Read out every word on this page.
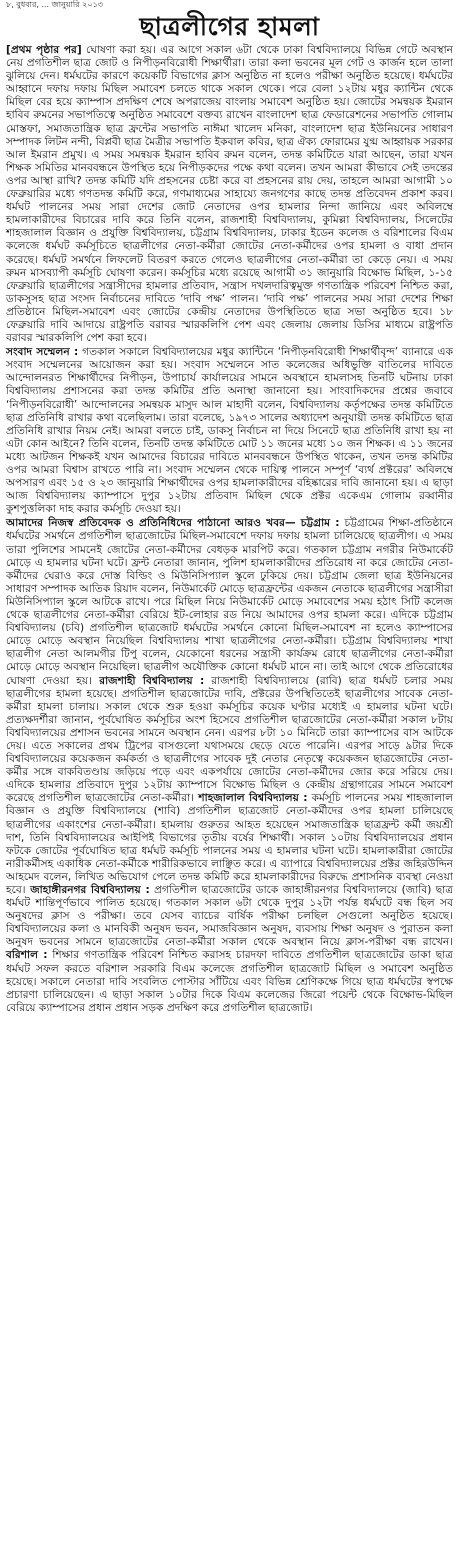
৮, বুধবার, ... জানুয়ারি ২০১৩
ছাত্রলীগের হামলা

[প্রথম পৃষ্ঠার পর] ঘোষণা করা হয়। এর আগে সকাল ৬টা থেকে ঢাকা বিশ্ববিদ্যালয়ে বিভিন্ন গেটে অবস্থান নেয় প্রগতিশীল ছাত্র জোট ও নিপীড়নবিরোধী শিক্ষার্থীরা। তারা কলা ভবনের মূল গেট ও কার্জন হলে তালা ঝুলিয়ে দেন। ধর্মঘটের কারণে কয়েকটি বিভাগের ক্লাস অনুষ্ঠিত না হলেও পরীক্ষা অনুষ্ঠিত হয়েছে। ধর্মঘটের আহ্বানে দফায় দফায় মিছিল সমাবেশ চলতে থাকে সকাল থেকে। পরে বেলা ১২টায় মধুর ক্যান্টিন থেকে মিছিল বের হয়ে ক্যাম্পাস প্রদক্ষিণ শেষে অপরাজেয় বাংলায় সমাবেশ অনুষ্ঠিত হয়। জোটের সমন্বয়ক ইমরান হাবিব রুমনের সভাপতিত্বে অনুষ্ঠিত সমাবেশে বক্তব্য রাখেন বাংলাদেশ ছাত্র ফেডারেশনের সভাপতি গোলাম মোস্তফা, সমাজতান্ত্রিক ছাত্র ফ্রন্টের সভাপতি নাঈমা খালেদ মনিকা, বাংলাদেশ ছাত্র ইউনিয়নের সাধারণ সম্পাদক লিটন নন্দী, বিপ্লবী ছাত্র মৈত্রীর সভাপতি ইকবাল কবির, ছাত্র ঐক্য ফোরামের যুগ্ম আহ্বায়ক সরকার আল ইমরান প্রমুখ। এ সময় সমন্বয়ক ইমরান হাবিব রুমন বলেন, তদন্ত কমিটিতে যারা আছেন, তারা যখন শিক্ষক সমিতির মানববন্ধনে উপস্থিত হয়ে নিপীড়কদের পক্ষে কথা বলেন। তখন আমরা কীভাবে সেই তদন্তের ওপর আস্থা রাখি? তদন্ত কমিটি যদি প্রহসনের চেষ্টা করে বা প্রহসনের রায় দেয়, তাহলে আমরা আগামী ১০ ফেব্রুয়ারির মধ্যে গণতদন্ত কমিটি করে, গণমাধ্যমের সাহায্যে জনগণের কাছে তদন্ত প্রতিবেদন প্রকাশ করব। ধর্মঘট পালনের সময় সারা দেশের জোট নেতাদের ওপর হামলার নিন্দা জানিয়ে এবং অবিলম্বে হামলাকারীদের বিচারের দাবি করে তিনি বলেন, রাজশাহী বিশ্ববিদ্যালয়, কুমিল্লা বিশ্ববিদ্যালয়, সিলেটের শাহজালাল বিজ্ঞান ও প্রযুক্তি বিশ্ববিদ্যালয়, চট্টগ্রাম বিশ্ববিদ্যালয়, ঢাকার ইডেন কলেজ ও বরিশালের বিএম কলেজে ধর্মঘট কর্মসূচিতে ছাত্রলীগের নেতা-কর্মীরা জোটের নেতা-কর্মীদের ওপর হামলা ও বাধা প্রদান করেছে। ধর্মঘট সমর্থনে লিফলেট বিতরণ করতে গেলেও ছাত্রলীগের নেতা-কর্মীরা তা কেড়ে নেয়। এ সময় রুমন মাসব্যাপী কর্মসূচি ঘোষণা করেন। কর্মসূচির মধ্যে রয়েছে আগামী ৩১ জানুয়ারি বিক্ষোভ মিছিল, ১-১৫ ফেব্রুয়ারি ছাত্রলীগের সন্ত্রাসীদের হামলার প্রতিবাদ, সন্ত্রাস দখলদারিত্বমুক্ত গণতান্ত্রিক পরিবেশ নিশ্চিত করা, ডাকসুসহ ছাত্র সংসদ নির্বাচনের দাবিতে ‘দাবি পক্ষ’ পালন। ‘দাবি পক্ষ’ পালনের সময় সারা দেশের শিক্ষা প্রতিষ্ঠানে মিছিল-সমাবেশ এবং জোটের কেন্দ্রীয় নেতাদের উপস্থিতিতে ছাত্র সভা অনুষ্ঠিত হবে। ১৮ ফেব্রুয়ারি দাবি আদায়ে রাষ্ট্রপতি বরাবর স্মারকলিপি পেশ এবং জেলায় জেলায় ডিসির মাধ্যমে রাষ্ট্রপতি বরাবর স্মারকলিপি পেশ করা হবে।

সংবাদ সম্মেলন : গতকাল সকালে বিশ্ববিদ্যালয়ের মধুর ক্যান্টিনে ‘নিপীড়নবিরোধী শিক্ষার্থীবৃন্দ’ ব্যানারে এক সংবাদ সম্মেলনের আয়োজন করা হয়। সংবাদ সম্মেলনে সাত কলেজের অধিভুক্তি বাতিলের দাবিতে আন্দোলনরত শিক্ষার্থীদের নিপীড়ন, উপাচার্য কার্যালয়ের সামনে অবস্থানে হামলাসহ তিনটি ঘটনায় ঢাকা বিশ্ববিদ্যালয় প্রশাসনের করা তদন্ত কমিটির প্রতি অনাস্থা জানানো হয়। সাংবাদিকদের প্রশ্নের জবাবে ‘নিপীড়নবিরোধী’ আন্দোলনের সমন্বয়ক মাসুদ আল মাহাদী বলেন, বিশ্ববিদ্যালয় কর্তৃপক্ষের তদন্ত কমিটিতে ছাত্র প্রতিনিধি রাখার কথা বলেছিলাম। তারা বলেছে, ১৯৭৩ সালের অধ্যাদেশ অনুযায়ী তদন্ত কমিটিতে ছাত্র প্রতিনিধি রাখার নিয়ম নেই। আমরা বলতে চাই, ডাকসু নির্বাচন না দিয়ে সিনেটে ছাত্র প্রতিনিধি রাখা হয় না এটা কোন আইনে? তিনি বলেন, তিনটি তদন্ত কমিটিতে মোট ১১ জনের মধ্যে ১০ জন শিক্ষক। এ ১১ জনের মধ্যে আটজন শিক্ষকই যখন আমাদের বিচারের দাবিতে মানববন্ধনে উপস্থিত থাকেন, তখন তদন্ত কমিটির ওপর আমরা বিশ্বাস রাখতে পারি না। সংবাদ সম্মেলন থেকে দায়িত্ব পালনে সম্পূর্ণ ‘ব্যর্থ প্রক্টরের’ অবিলম্বে অপসারণ এবং ১৫ ও ২৩ জানুয়ারি শিক্ষার্থীদের ওপর হামলাকারীদের বহিষ্কারের দাবি জানানো হয়। এ ছাড়া আজ বিশ্ববিদ্যালয় ক্যাম্পাসে দুপুর ১২টায় প্রতিবাদ মিছিল থেকে প্রক্টর একেএম গোলাম রব্বানীর কুশপুত্তলিকা দাহ করার কর্মসূচি দেওয়া হয়।

আমাদের নিজস্ব প্রতিবেদক ও প্রতিনিধিদের পাঠানো আরও খবর— চট্টগ্রাম : চট্টগ্রামের শিক্ষা-প্রতিষ্ঠানে ধর্মঘটের সমর্থনে প্রগতিশীল ছাত্রজোটের মিছিল-সমাবেশে দফায় দফায় হামলা চালিয়েছে ছাত্রলীগ। এ সময় তারা পুলিশের সামনেই জোটের নেতা-কর্মীদের বেধড়ক মারপিট করে। গতকাল চট্টগ্রাম নগরীর নিউমার্কেট মোড়ে এ হামলার ঘটনা ঘটে। ফ্রন্ট নেতারা জানান, পুলিশ হামলাকারীদের প্রতিরোধ না করে জোটের নেতা-কর্মীদের ঘেরাও করে দোস্ত বিল্ডিং ও মিউনিসিপ্যাল স্কুলে ঢুকিয়ে দেয়। চট্টগ্রাম জেলা ছাত্র ইউনিয়নের সাধারণ সম্পাদক আতিক রিয়াদ বলেন, নিউমার্কেট মোড়ে ছাত্রফ্রন্টের একজন নেতাকে ছাত্রলীগের সন্ত্রাসীরা মিউনিসিপ্যাল স্কুলে আটকে রাখে। পরে মিছিল নিয়ে নিউমার্কেট মোড়ে সমাবেশের সময় হঠাৎ সিটি কলেজ থেকে ছাত্রলীগের নেতা-কর্মীরা বেরিয়ে ইট-লোহার রড নিয়ে আমাদের ওপর হামলা করে। এদিকে চট্টগ্রাম বিশ্ববিদ্যালয় (চবি) প্রগতিশীল ছাত্রজোট ধর্মঘটের সমর্থনে কোনো মিছিল-সমাবেশ না হলেও ক্যাম্পাসের মোড়ে মোড়ে অবস্থান নিয়েছিল বিশ্ববিদ্যালয় শাখা ছাত্রলীগের নেতা-কর্মীরা। চট্টগ্রাম বিশ্ববিদ্যালয় শাখা ছাত্রলীগ নেতা আলমগীর টিপু বলেন, যেকোনো ধরনের সন্ত্রাসী কার্যক্রম রোধে ছাত্রলীগের নেতা-কর্মীরা মোড়ে মোড়ে অবস্থান নিয়েছিল। ছাত্রলীগ অযৌক্তিক কোনো ধর্মঘট মানে না। তাই আগে থেকে প্রতিরোধের ঘোষণা দেওয়া হয়। রাজশাহী বিশ্ববিদ্যালয় : রাজশাহী বিশ্ববিদ্যালয়ে (রাবি) ছাত্র ধর্মঘট চলার সময় ছাত্রলীগের হামলা হয়েছে। প্রগতিশীল ছাত্রজোটের দাবি, প্রক্টরের উপস্থিতিতেই ছাত্রলীগের সাবেক নেতা-কর্মীরা হামলা চালায়। সকাল থেকে শুরু হওয়া কর্মসূচির কয়েক ঘণ্টার মধ্যেই এ হামলার ঘটনা ঘটে। প্রত্যক্ষদর্শীরা জানান, পূর্বঘোষিত কর্মসূচির অংশ হিসেবে প্রগতিশীল ছাত্রজোটের নেতা-কর্মীরা সকাল ৮টায় বিশ্ববিদ্যালয়ের প্রশাসন ভবনের সামনে অবস্থান নেন। এরপর ৮টা ১০ মিনিটে তারা ক্যাম্পাসের বাস আটকে দেয়। এতে সকালের প্রথম ট্রিপের বাসগুলো যথাসময়ে ছেড়ে যেতে পারেনি। এরপর সাড়ে ৯টার দিকে বিশ্ববিদ্যালয়ের কয়েকজন কর্মকর্তা ও ছাত্রলীগের সাবেক দুই নেতার নেতৃত্বে কয়েকজন ছাত্রজোটের নেতা-কর্মীর সঙ্গে বাকবিতণ্ডায় জড়িয়ে পড়ে এবং একপর্যায়ে জোটের নেতা-কর্মীদের জোর করে সরিয়ে দেয়। এদিকে হামলার প্রতিবাদে দুপুর ১২টায় ক্যাম্পাসে বিক্ষোভ মিছিল ও কেন্দ্রীয় গ্রন্থাগারের সামনে সমাবেশ করেছে প্রগতিশীল ছাত্রজোটের নেতা-কর্মীরা। শাহজালাল বিশ্ববিদ্যালয় : কর্মসূচি পালনের সময় শাহজালাল বিজ্ঞান ও প্রযুক্তি বিশ্ববিদ্যালয়ে (শাবি) প্রগতিশীল ছাত্রজোট নেতা-কর্মীদের ওপর হামলা চালিয়েছে ছাত্রলীগের একাংশের নেতা-কর্মীরা। হামলায় গুরুতর আহত হয়েছেন সমাজতান্ত্রিক ছাত্রফ্রন্ট কর্মী জয়শ্রী দাশ, তিনি বিশ্ববিদ্যালয়ের আইপিই বিভাগের তৃতীয় বর্ষের শিক্ষার্থী। সকাল ১০টায় বিশ্ববিদ্যালয়ের প্রধান ফটকে জোটের পূর্বঘোষিত ছাত্র ধর্মঘট কর্মসূচি পালনের সময় এ হামলার ঘটনা ঘটে। হামলাকারীরা জোটের নারীকর্মীসহ একাধিক নেতা-কর্মীকে শারীরিকভাবে লাঞ্ছিত করে। এ ব্যাপারে বিশ্ববিদ্যালয়ের প্রক্টর জহিরউদ্দিন আহমেদ বলেন, লিখিত অভিযোগ পেলে তদন্ত কমিটি করে হামলাকারীদের বিরুদ্ধে প্রশাসনিক ব্যবস্থা নেওয়া হবে। জাহাঙ্গীরনগর বিশ্ববিদ্যালয় : প্রগতিশীল ছাত্রজোটের ডাকে জাহাঙ্গীরনগর বিশ্ববিদ্যালয়ে (জাবি) ছাত্র ধর্মঘট শান্তিপূর্ণভাবে পালিত হয়েছে। গতকাল সকাল ৬টা থেকে দুপুর ১২টা পর্যন্ত ধর্মঘটে বন্ধ ছিল সব অনুষদের ক্লাস ও পরীক্ষা। তবে যেসব ব্যাচের বার্ষিক পরীক্ষা চলছিল সেগুলো অনুষ্ঠিত হয়েছে। বিশ্ববিদ্যালয়ের কলা ও মানবিকী অনুষদ ভবন, সমাজবিজ্ঞান অনুষদ, ব্যবসায় শিক্ষা অনুষদ ও পুরাতন কলা অনুষদ ভবনের সামনে ছাত্রজোটের নেতা-কর্মীরা সকাল থেকে অবস্থান নিয়ে ক্লাস-পরীক্ষা বন্ধ রাখেন। বরিশাল : শিক্ষার গণতান্ত্রিক পরিবেশ নিশ্চিত করাসহ চারদফা দাবিতে প্রগতিশীল ছাত্রজোটের ডাকা ছাত্র ধর্মঘট সফল করতে বরিশাল সরকারি বিএম কলেজে প্রগতিশীল ছাত্রজোট মিছিল ও সমাবেশ অনুষ্ঠিত হয়েছে। সকালে নেতারা দাবি সংবলিত পোস্টার সাঁটিয়ে এবং বিভিন্ন শ্রেণিকক্ষে গিয়ে ছাত্র ধর্মঘটের স্বপক্ষে প্রচারণা চালিয়েছেন। এ ছাড়া সকাল ১০টার দিকে বিএম কলেজের জিরো পয়েন্ট থেকে বিক্ষোভ-মিছিল বেরিয়ে ক্যাম্পাসের প্রধান প্রধান সড়ক প্রদক্ষিণ করে প্রগতিশীল ছাত্রজোট।
